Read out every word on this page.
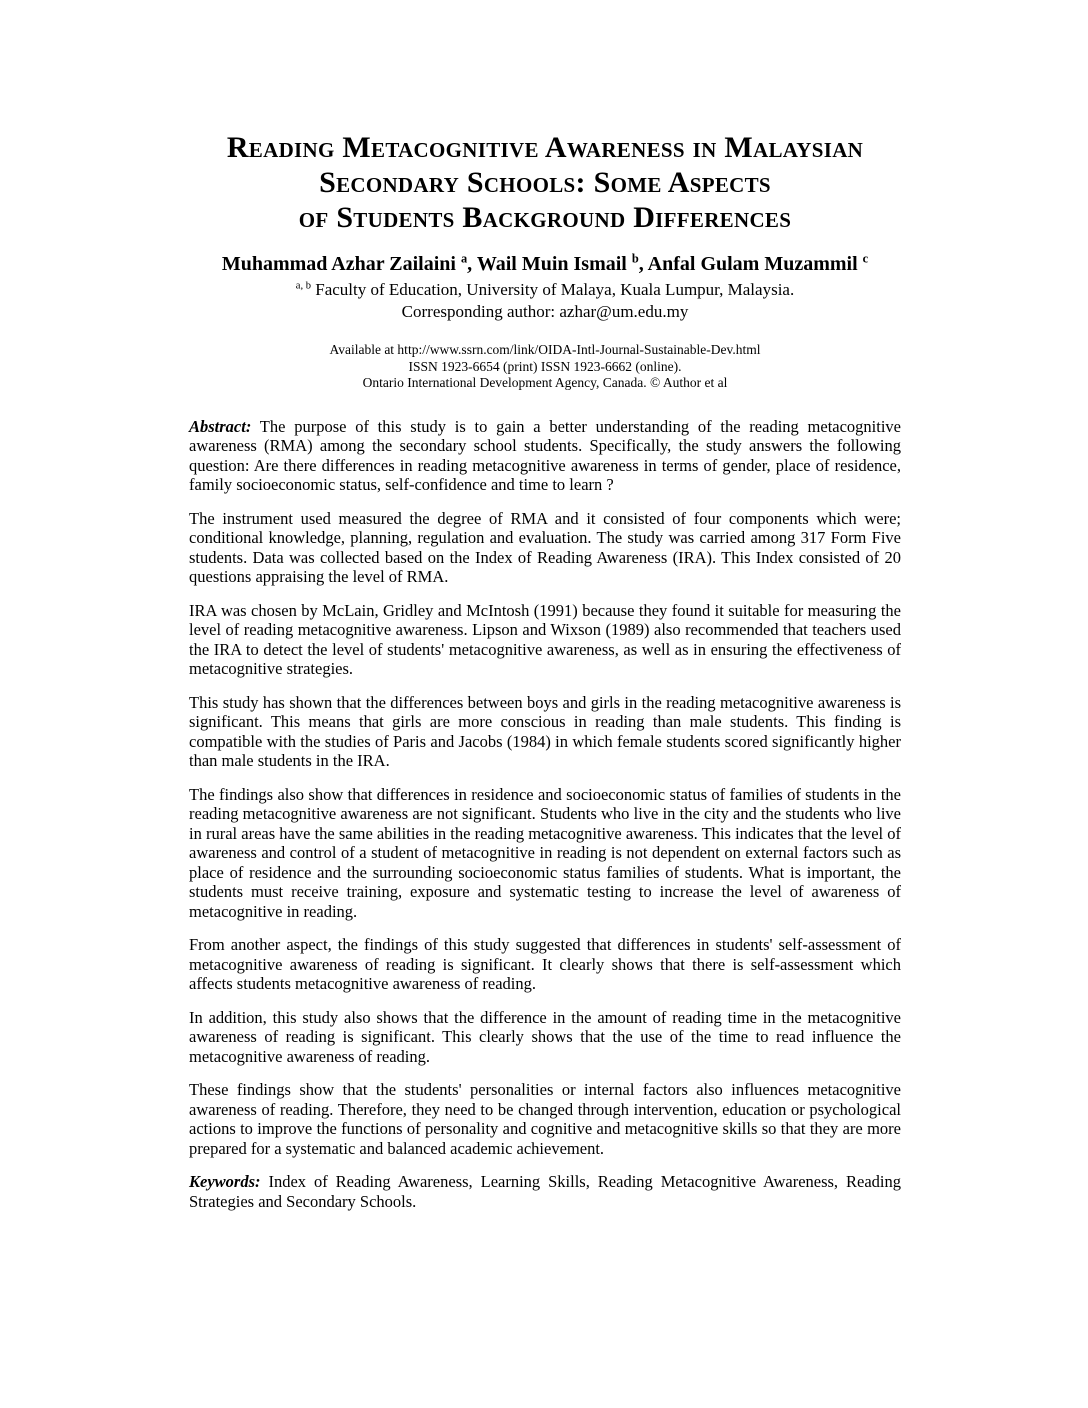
Reading Metacognitive Awareness in Malaysian
Secondary Schools: Some Aspects
of Students Background Differences
Muhammad Azhar Zailaini $^a$, Wail Muin Ismail $^b$, Anfal Gulam Muzammil $^c$
$^{a, b}$ Faculty of Education, University of Malaya, Kuala Lumpur, Malaysia.
Corresponding author: azhar@um.edu.my
Available at http://www.ssrn.com/link/OIDA-Intl-Journal-Sustainable-Dev.html
ISSN 1923-6654 (print) ISSN 1923-6662 (online).
Ontario International Development Agency, Canada. © Author et al

Abstract: The purpose of this study is to gain a better understanding of the reading metacognitive awareness (RMA) among the secondary school students. Specifically, the study answers the following question: Are there differences in reading metacognitive awareness in terms of gender, place of residence, family socioeconomic status, self-confidence and time to learn ?

The instrument used measured the degree of RMA and it consisted of four components which were; conditional knowledge, planning, regulation and evaluation. The study was carried among 317 Form Five students. Data was collected based on the Index of Reading Awareness (IRA). This Index consisted of 20 questions appraising the level of RMA.

IRA was chosen by McLain, Gridley and McIntosh (1991) because they found it suitable for measuring the level of reading metacognitive awareness. Lipson and Wixson (1989) also recommended that teachers used the IRA to detect the level of students' metacognitive awareness, as well as in ensuring the effectiveness of metacognitive strategies.

This study has shown that the differences between boys and girls in the reading metacognitive awareness is significant. This means that girls are more conscious in reading than male students. This finding is compatible with the studies of Paris and Jacobs (1984) in which female students scored significantly higher than male students in the IRA.

The findings also show that differences in residence and socioeconomic status of families of students in the reading metacognitive awareness are not significant. Students who live in the city and the students who live in rural areas have the same abilities in the reading metacognitive awareness. This indicates that the level of awareness and control of a student of metacognitive in reading is not dependent on external factors such as place of residence and the surrounding socioeconomic status families of students. What is important, the students must receive training, exposure and systematic testing to increase the level of awareness of metacognitive in reading.

From another aspect, the findings of this study suggested that differences in students' self-assessment of metacognitive awareness of reading is significant. It clearly shows that there is self-assessment which affects students metacognitive awareness of reading.

In addition, this study also shows that the difference in the amount of reading time in the metacognitive awareness of reading is significant. This clearly shows that the use of the time to read influence the metacognitive awareness of reading.

These findings show that the students' personalities or internal factors also influences metacognitive awareness of reading. Therefore, they need to be changed through intervention, education or psychological actions to improve the functions of personality and cognitive and metacognitive skills so that they are more prepared for a systematic and balanced academic achievement.

Keywords: Index of Reading Awareness, Learning Skills, Reading Metacognitive Awareness, Reading Strategies and Secondary Schools.
